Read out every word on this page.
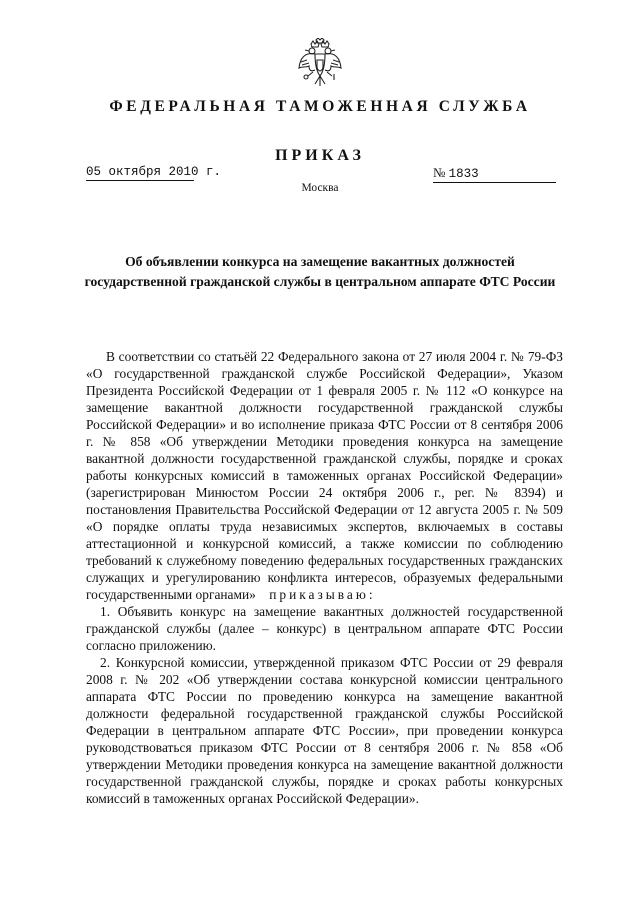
ФЕДЕРАЛЬНАЯ ТАМОЖЕННАЯ СЛУЖБА
ПРИКАЗ
05 октября 2010 г.	№ 1833
Москва
Об объявлении конкурса на замещение вакантных должностей
государственной гражданской службы в центральном аппарате ФТС России

В соответствии со статьёй 22 Федерального закона от 27 июля 2004 г. № 79-ФЗ «О государственной гражданской службе Российской Федерации», Указом Президента Российской Федерации от 1 февраля 2005 г. № 112 «О конкурсе на замещение вакантной должности государственной гражданской службы Российской Федерации» и во исполнение приказа ФТС России от 8 сентября 2006 г. № 858 «Об утверждении Методики проведения конкурса на замещение вакантной должности государственной гражданской службы, порядке и сроках работы конкурсных комиссий в таможенных органах Российской Федерации» (зарегистрирован Минюстом России 24 октября 2006 г., рег. № 8394) и постановления Правительства Российской Федерации от 12 августа 2005 г. № 509 «О порядке оплаты труда независимых экспертов, включаемых в составы аттестационной и конкурсной комиссий, а также комиссии по соблюдению требований к служебному поведению федеральных государственных гражданских служащих и урегулированию конфликта интересов, образуемых федеральными государственными органами» приказываю:

1. Объявить конкурс на замещение вакантных должностей государственной гражданской службы (далее – конкурс) в центральном аппарате ФТС России согласно приложению.

2. Конкурсной комиссии, утвержденной приказом ФТС России от 29 февраля 2008 г. № 202 «Об утверждении состава конкурсной комиссии центрального аппарата ФТС России по проведению конкурса на замещение вакантной должности федеральной государственной гражданской службы Российской Федерации в центральном аппарате ФТС России», при проведении конкурса руководствоваться приказом ФТС России от 8 сентября 2006 г. № 858 «Об утверждении Методики проведения конкурса на замещение вакантной должности государственной гражданской службы, порядке и сроках работы конкурсных комиссий в таможенных органах Российской Федерации».
